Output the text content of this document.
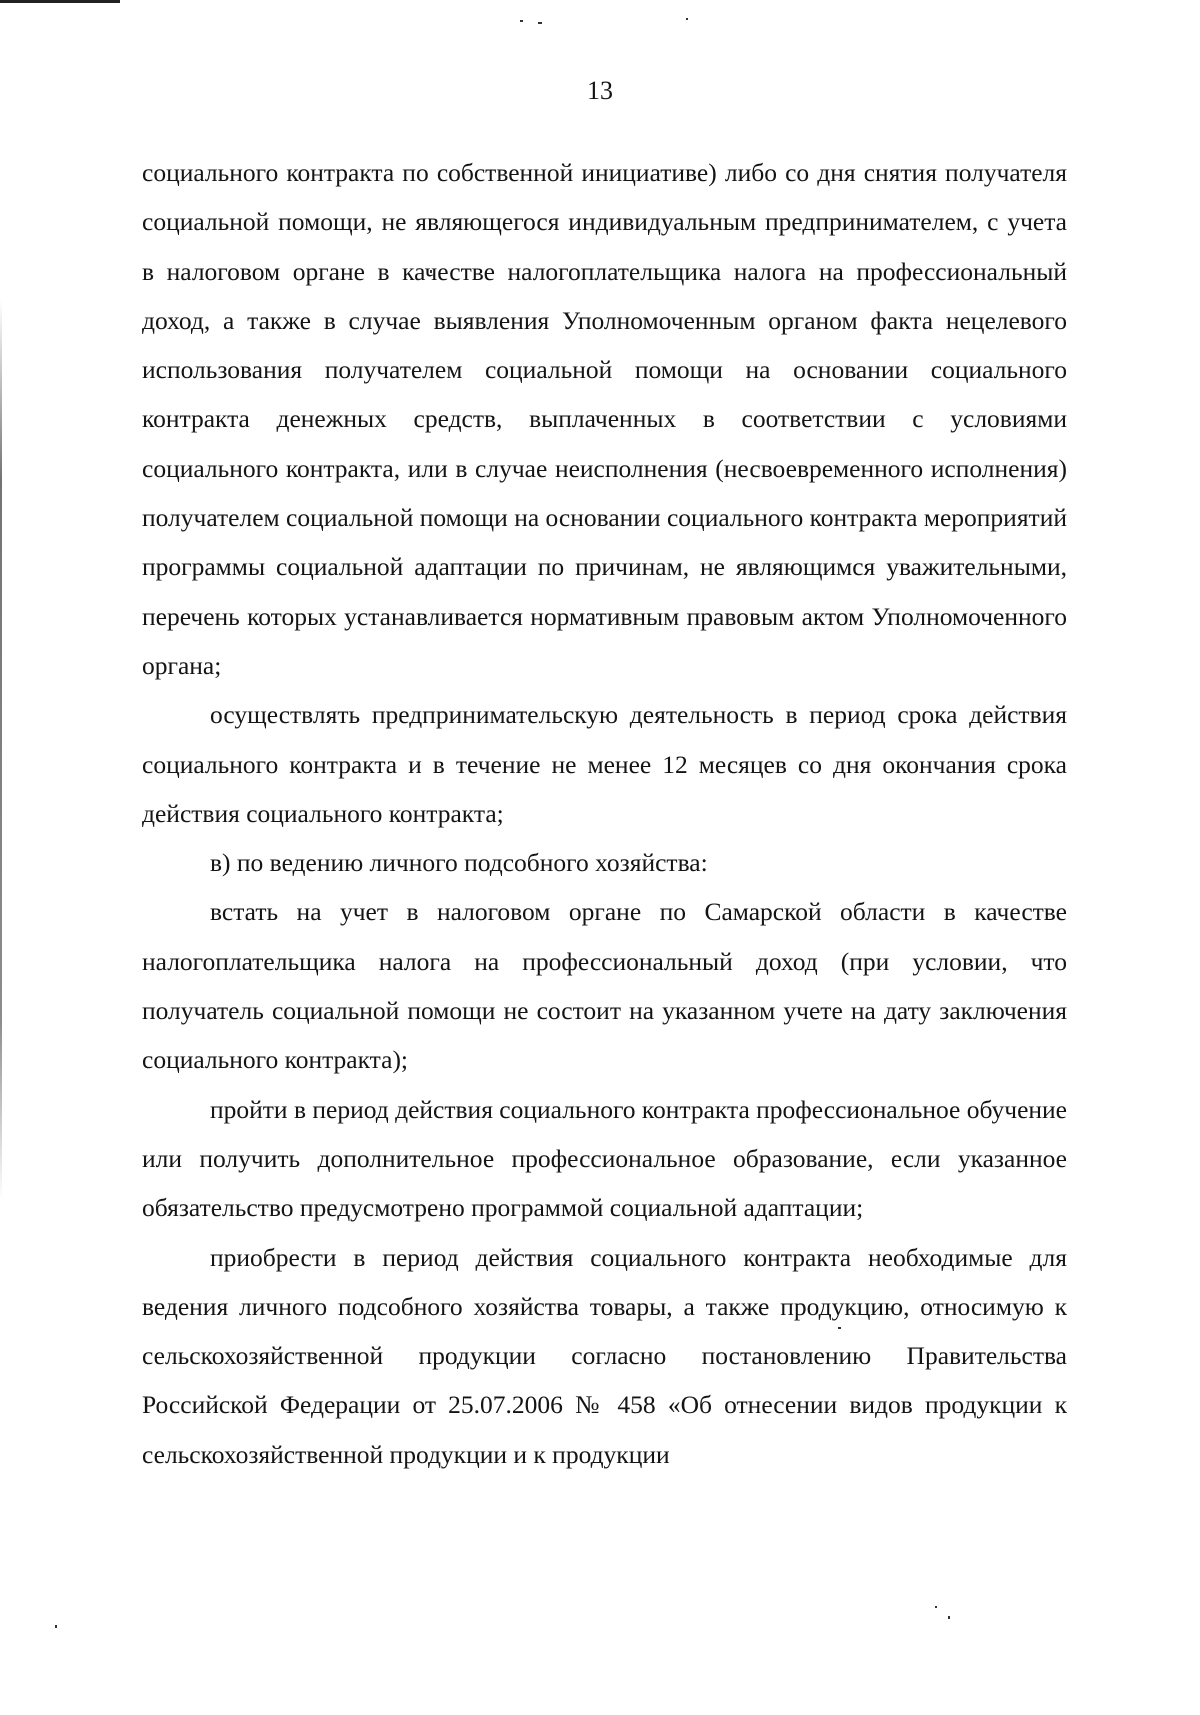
13

социального контракта по собственной инициативе) либо со дня снятия получателя социальной помощи, не являющегося индивидуальным предпринимателем, с учета в налоговом органе в качестве налогоплательщика налога на профессиональный доход, а также в случае выявления Уполномоченным органом факта нецелевого использования получателем социальной помощи на основании социального контракта денежных средств, выплаченных в соответствии с условиями социального контракта, или в случае неисполнения (несвоевременного исполнения) получателем социальной помощи на основании социального контракта мероприятий программы социальной адаптации по причинам, не являющимся уважительными, перечень которых устанавливается нормативным правовым актом Уполномоченного органа;

осуществлять предпринимательскую деятельность в период срока действия социального контракта и в течение не менее 12 месяцев со дня окончания срока действия социального контракта;

в) по ведению личного подсобного хозяйства:

встать на учет в налоговом органе по Самарской области в качестве налогоплательщика налога на профессиональный доход (при условии, что получатель социальной помощи не состоит на указанном учете на дату заключения социального контракта);

пройти в период действия социального контракта профессиональное обучение или получить дополнительное профессиональное образование, если указанное обязательство предусмотрено программой социальной адаптации;

приобрести в период действия социального контракта необходимые для ведения личного подсобного хозяйства товары, а также продукцию, относимую к сельскохозяйственной продукции согласно постановлению Правительства Российской Федерации от 25.07.2006 № 458 «Об отнесении видов продукции к сельскохозяйственной продукции и к продукции
